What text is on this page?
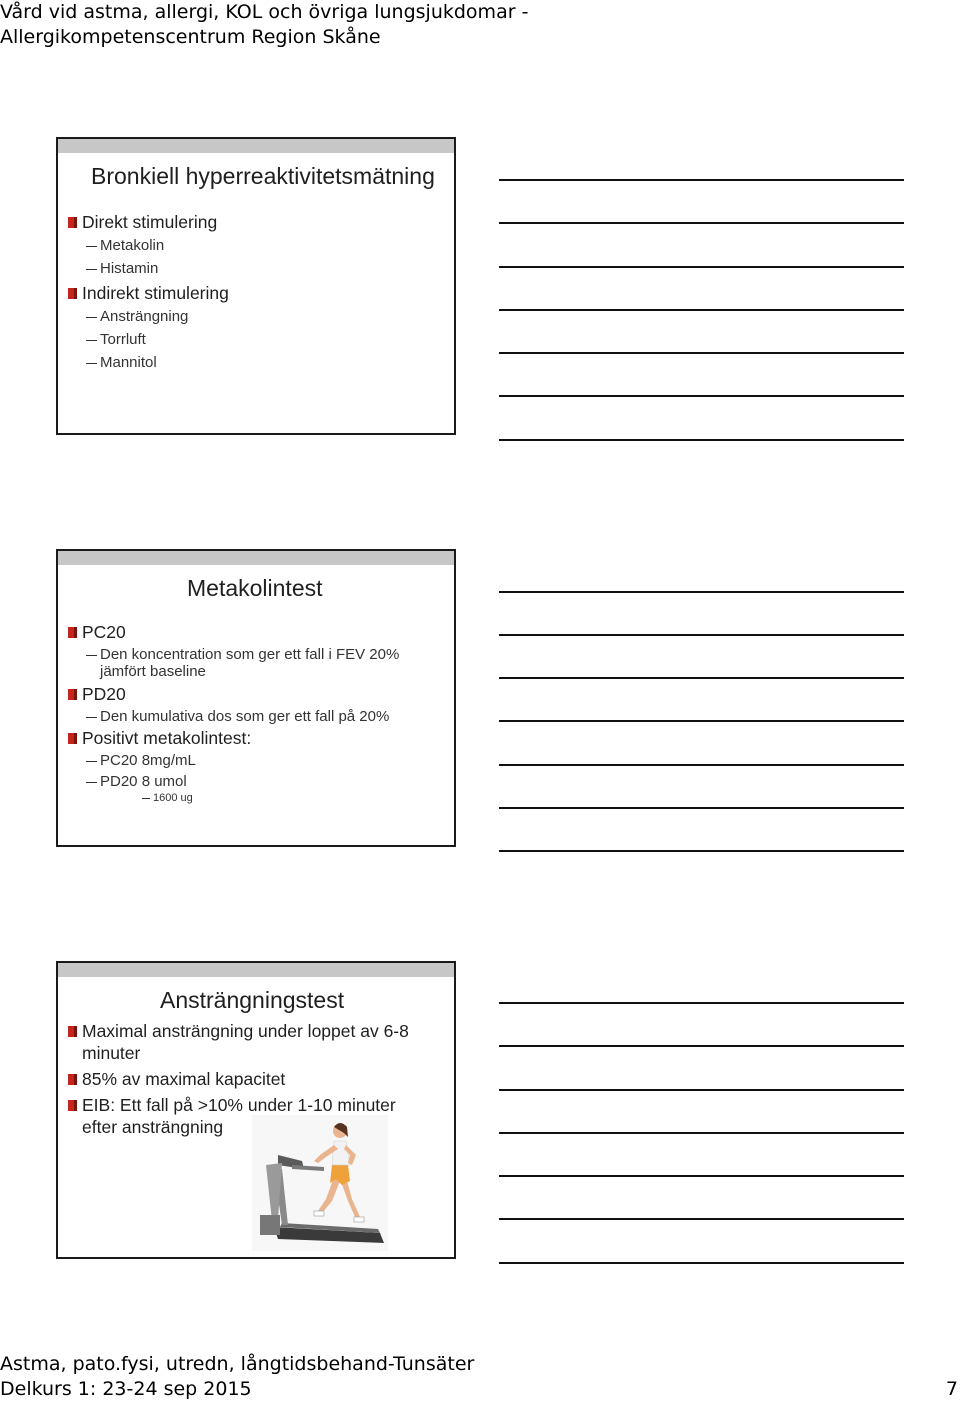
Vård vid astma, allergi, KOL och övriga lungsjukdomar -
Allergikompetenscentrum Region Skåne
Bronkiell hyperreaktivitetsmätning
Direkt stimulering
Metakolin
Histamin
Indirekt stimulering
Ansträngning
Torrluft
Mannitol
Metakolintest
PC20
Den koncentration som ger ett fall i FEV 20%
jämfört baseline
PD20
Den kumulativa dos som ger ett fall på 20%
Positivt metakolintest:
PC20 8mg/mL
PD20 8 umol
1600 ug
Ansträngningstest
Maximal ansträngning under loppet av 6-8
minuter
85% av maximal kapacitet
EIB: Ett fall på >10% under 1-10 minuter
efter ansträngning
Astma, pato.fysi, utredn, långtidsbehand-Tunsäter
Delkurs 1: 23-24 sep 2015	7
